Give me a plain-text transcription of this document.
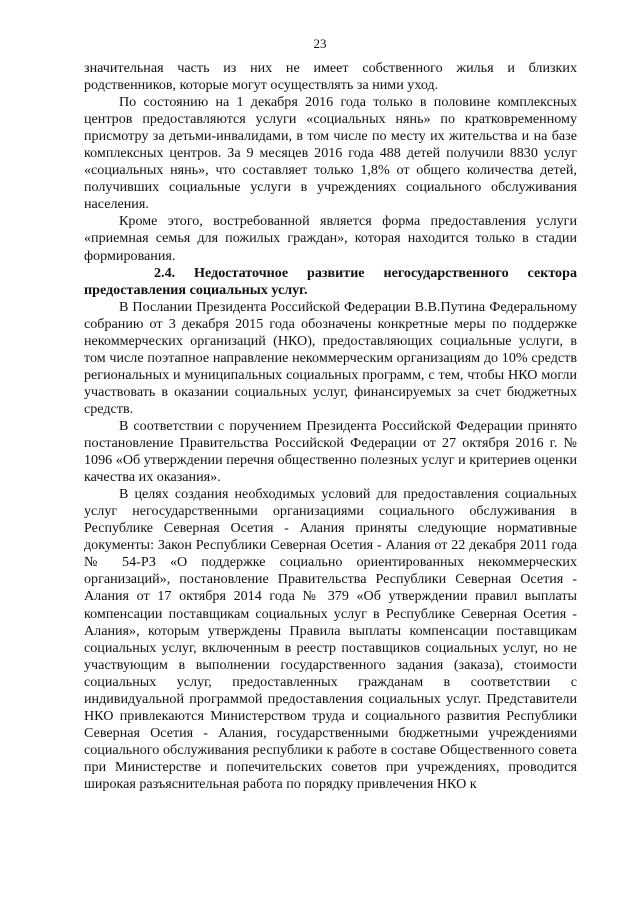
23

значительная часть из них не имеет собственного жилья и близких родственников, которые могут осуществлять за ними уход.

По состоянию на 1 декабря 2016 года только в половине комплексных центров предоставляются услуги «социальных нянь» по кратковременному присмотру за детьми-инвалидами, в том числе по месту их жительства и на базе комплексных центров. За 9 месяцев 2016 года 488 детей получили 8830 услуг «социальных нянь», что составляет только 1,8% от общего количества детей, получивших социальные услуги в учреждениях социального обслуживания населения.

Кроме этого, востребованной является форма предоставления услуги «приемная семья для пожилых граждан», которая находится только в стадии формирования.

2.4. Недостаточное развитие негосударственного сектора предоставления социальных услуг.

В Послании Президента Российской Федерации В.В.Путина Федеральному собранию от 3 декабря 2015 года обозначены конкретные меры по поддержке некоммерческих организаций (НКО), предоставляющих социальные услуги, в том числе поэтапное направление некоммерческим организациям до 10% средств региональных и муниципальных социальных программ, с тем, чтобы НКО могли участвовать в оказании социальных услуг, финансируемых за счет бюджетных средств.

В соответствии с поручением Президента Российской Федерации принято постановление Правительства Российской Федерации от 27 октября 2016 г. № 1096 «Об утверждении перечня общественно полезных услуг и критериев оценки качества их оказания».

В целях создания необходимых условий для предоставления социальных услуг негосударственными организациями социального обслуживания в Республике Северная Осетия - Алания приняты следующие нормативные документы: Закон Республики Северная Осетия - Алания от 22 декабря 2011 года № 54-РЗ «О поддержке социально ориентированных некоммерческих организаций», постановление Правительства Республики Северная Осетия - Алания от 17 октября 2014 года № 379 «Об утверждении правил выплаты компенсации поставщикам социальных услуг в Республике Северная Осетия - Алания», которым утверждены Правила выплаты компенсации поставщикам социальных услуг, включенным в реестр поставщиков социальных услуг, но не участвующим в выполнении государственного задания (заказа), стоимости социальных услуг, предоставленных гражданам в соответствии с индивидуальной программой предоставления социальных услуг. Представители НКО привлекаются Министерством труда и социального развития Республики Северная Осетия - Алания, государственными бюджетными учреждениями социального обслуживания республики к работе в составе Общественного совета при Министерстве и попечительских советов при учреждениях, проводится широкая разъяснительная работа по порядку привлечения НКО к
